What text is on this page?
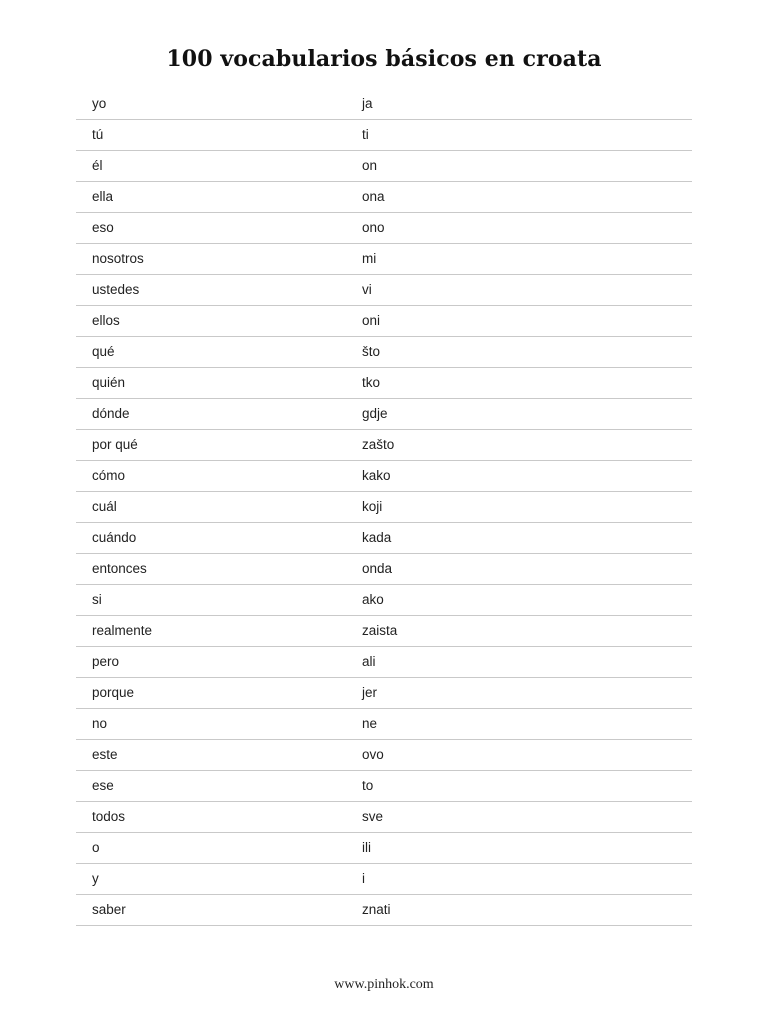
100 vocabularios básicos en croata
yo	ja
tú	ti
él	on
ella	ona
eso	ono
nosotros	mi
ustedes	vi
ellos	oni
qué	što
quién	tko
dónde	gdje
por qué	zašto
cómo	kako
cuál	koji
cuándo	kada
entonces	onda
si	ako
realmente	zaista
pero	ali
porque	jer
no	ne
este	ovo
ese	to
todos	sve
o	ili
y	i
saber	znati
www.pinhok.com
